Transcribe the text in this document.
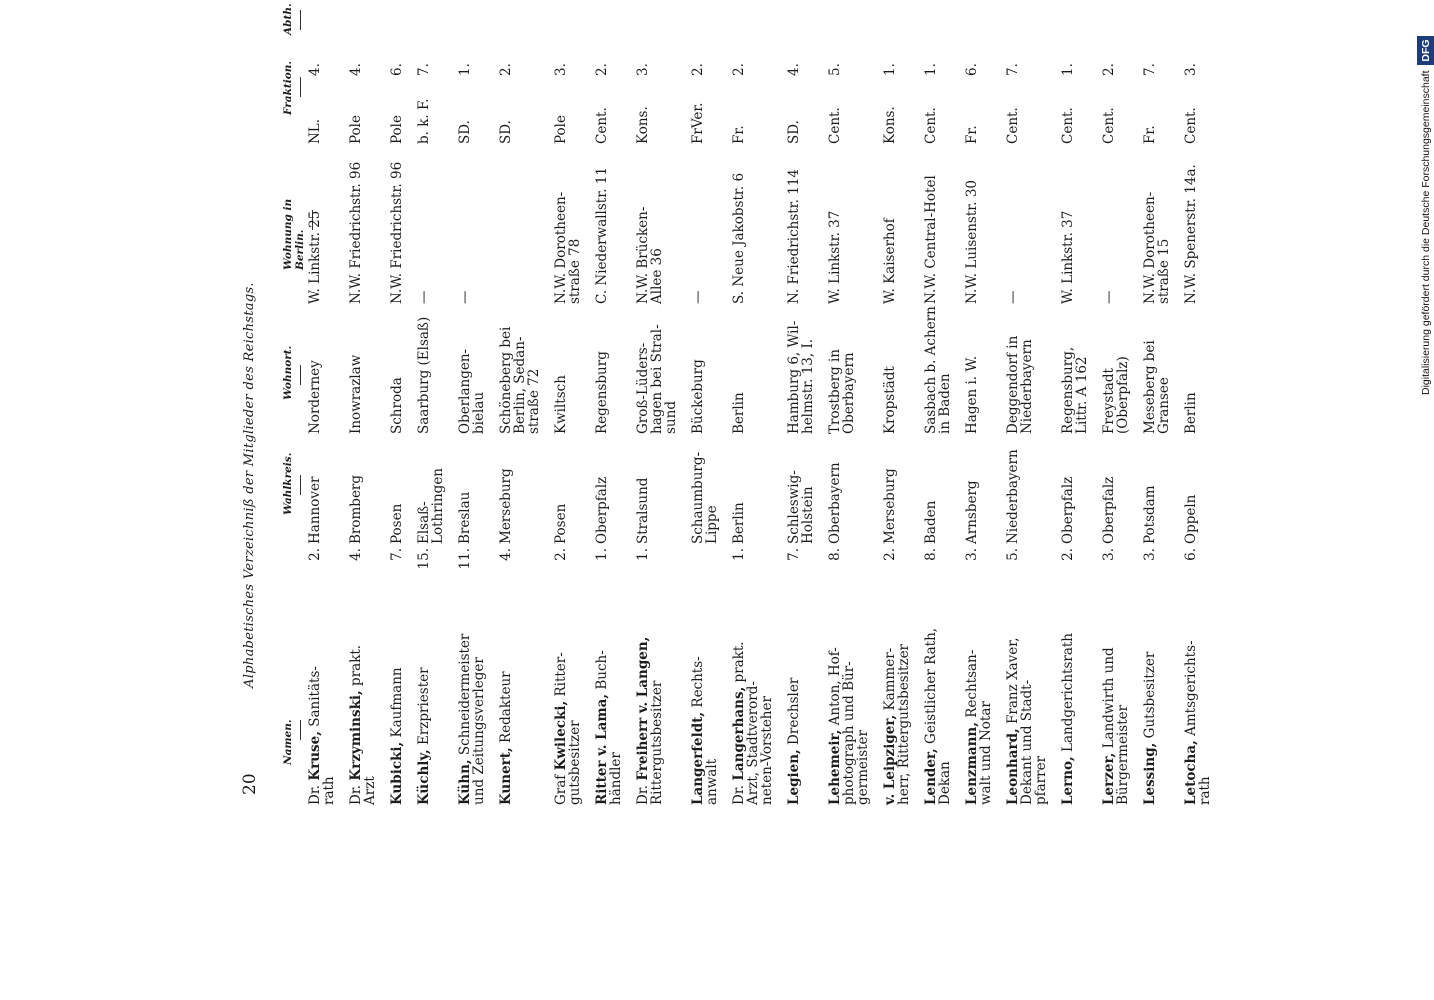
20
Alphabetisches Verzeichniß der Mitglieder des Reichstags.
Namen.
Wahlkreis.
Wohnort.
Wohnung in Berlin.
Fraktion.
Abth.
Dr. Kruse, Sanitäts-
rath
2.
Hannover
Norderney
W. Linkstr. 25
NL.
4.
Dr. Krzyminski, prakt.
Arzt
4.
Bromberg
Inowrazlaw
N.W. Friedrichstr. 96
Pole
4.
Kubicki, Kaufmann
7.
Posen
Schroda
N.W. Friedrichstr. 96
Pole
6.
Küchly, Erzpriester
15.
Elsaß-
Lothringen
Saarburg (Elsaß)
—
b. k. F.
7.
Kühn, Schneidermeister
und Zeitungsverleger
11.
Breslau
Oberlangen-
bielau
—
SD.
1.
Kunert, Redakteur
4.
Merseburg
Schöneberg bei
Berlin, Sedan-
straße 72
SD.
2.
Graf Kwilecki, Ritter-
gutsbesitzer
2.
Posen
Kwiltsch
N.W. Dorotheen-
straße 78
Pole
3.
Ritter v. Lama, Buch-
händler
1.
Oberpfalz
Regensburg
C. Niederwallstr. 11
Cent.
2.
Dr. Freiherr v. Langen,
Rittergutsbesitzer
1.
Stralsund
Groß-Lüders-
hagen bei Stral-
sund
N.W. Brücken-
Allee 36
Kons.
3.
Langerfeldt, Rechts-
anwalt
Schaumburg-
Lippe
Bückeburg
—
FrVer.
2.
Dr. Langerhans, prakt.
Arzt, Stadtverord-
neten-Vorsteher
1.
Berlin
Berlin
S. Neue Jakobstr. 6
Fr.
2.
Legien, Drechsler
7.
Schleswig-
Holstein
Hamburg 6, Wil-
helmstr. 13, I.
N. Friedrichstr. 114
SD.
4.
Lehemeir, Anton, Hof-
photograph und Bür-
germeister
8.
Oberbayern
Trostberg in
Oberbayern
W. Linkstr. 37
Cent.
5.
v. Leipziger, Kammer-
herr, Rittergutsbesitzer
2.
Merseburg
Kropstädt
W. Kaiserhof
Kons.
1.
Lender, Geistlicher Rath,
Dekan
8.
Baden
Sasbach b. Achern
in Baden
N.W. Central-Hotel
Cent.
1.
Lenzmann, Rechtsan-
walt und Notar
3.
Arnsberg
Hagen i. W.
N.W. Luisenstr. 30
Fr.
6.
Leonhard, Franz Xaver,
Dekant und Stadt-
pfarrer
5.
Niederbayern
Deggendorf in
Niederbayern
—
Cent.
7.
Lerno, Landgerichtsrath
2.
Oberpfalz
Regensburg,
Littr. A 162
W. Linkstr. 37
Cent.
1.
Lerzer, Landwirth und
Bürgermeister
3.
Oberpfalz
Freystadt
(Oberpfalz)
—
Cent.
2.
Lessing, Gutsbesitzer
3.
Potsdam
Meseberg bei
Gransee
N.W. Dorotheen-
straße 15
Fr.
7.
Letocha, Amtsgerichts-
rath
6.
Oppeln
Berlin
N.W. Spenerstr. 14a.
Cent.
3.
Digitalisierung gefördert durch die Deutsche Forschungsgemeinschaft DFG
